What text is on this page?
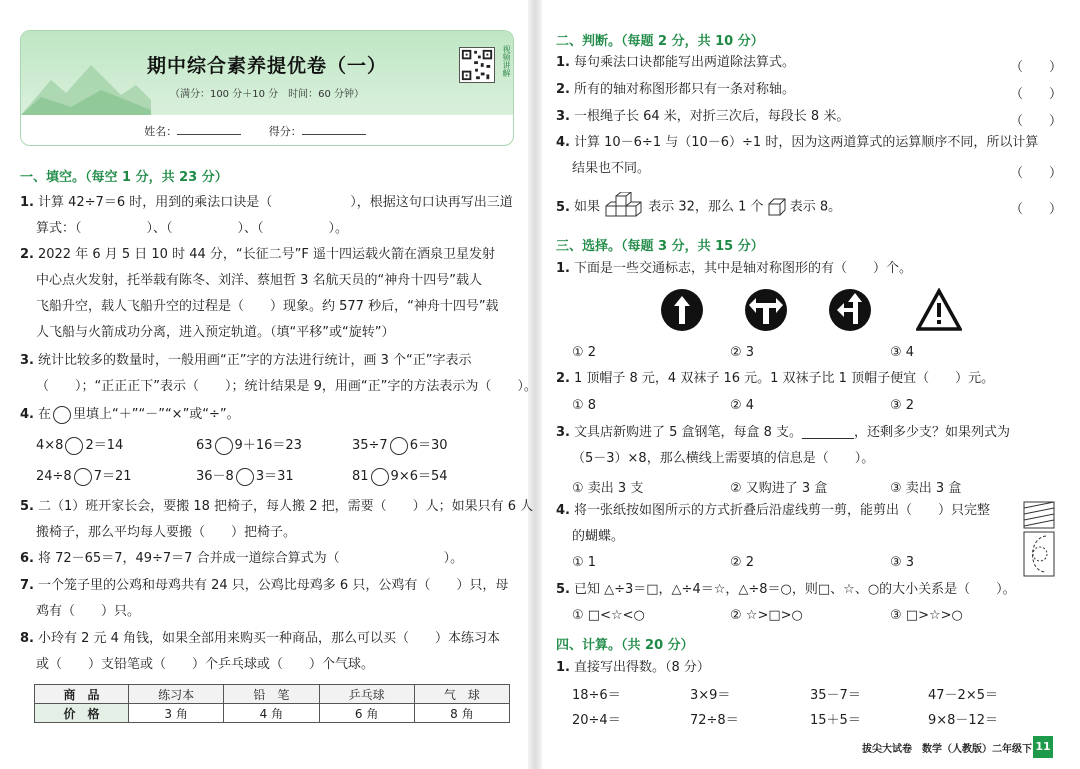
期中综合素养提优卷（一）
（满分：100 分＋10 分　时间：60 分钟）
视频讲解
姓名：	得分：
一、填空。（每空 1 分，共 23 分）
1. 计算 42÷7＝6 时，用到的乘法口诀是（　　　　　　），根据这句口诀再写出三道
算式：（　　　　　）、（　　　　　）、（　　　　　）。
2. 2022 年 6 月 5 日 10 时 44 分，“长征二号”F 遥十四运载火箭在酒泉卫星发射
中心点火发射，托举载有陈冬、刘洋、蔡旭哲 3 名航天员的“神舟十四号”载人
飞船升空，载人飞船升空的过程是（　　）现象。约 577 秒后，“神舟十四号”载
人飞船与火箭成功分离，进入预定轨道。（填“平移”或“旋转”）
3. 统计比较多的数量时，一般用画“正”字的方法进行统计，画 3 个“正”字表示
（　　）；“正正正下”表示（　　）；统计结果是 9，用画“正”字的方法表示为（　　）。
4. 在 里填上“＋”“－”“×”或“÷”。
4×8 2＝14	63 9＋16＝23	35÷7 6＝30
24÷8 7＝21	36－8 3＝31	81 9×6＝54
5. 二（1）班开家长会，要搬 18 把椅子，每人搬 2 把，需要（　　）人；如果只有 6 人
搬椅子，那么平均每人要搬（　　）把椅子。
6. 将 72－65＝7，49÷7＝7 合并成一道综合算式为（　　　　　　　　）。
7. 一个笼子里的公鸡和母鸡共有 24 只，公鸡比母鸡多 6 只，公鸡有（　　）只，母
鸡有（　　）只。
8. 小玲有 2 元 4 角钱，如果全部用来购买一种商品，那么可以买（　　）本练习本
或（　　）支铅笔或（　　）个乒乓球或（　　）个气球。
商　品	练习本	铅　笔	乒乓球	气　球
价　格	3 角	4 角	6 角	8 角
二、判断。（每题 2 分，共 10 分）
1. 每句乘法口诀都能写出两道除法算式。	（　　）
2. 所有的轴对称图形都只有一条对称轴。	（　　）
3. 一根绳子长 64 米，对折三次后，每段长 8 米。	（　　）
4. 计算 10－6÷1 与（10－6）÷1 时，因为这两道算式的运算顺序不同，所以计算
结果也不同。	（　　）
5. 如果	表示 32，那么 1 个 表示 8。	（　　）
三、选择。（每题 3 分，共 15 分）
1. 下面是一些交通标志，其中是轴对称图形的有（　　）个。
① 2	② 3	③ 4
2. 1 顶帽子 8 元，4 双袜子 16 元。1 双袜子比 1 顶帽子便宜（　　）元。
① 8	② 4	③ 2
3. 文具店新购进了 5 盒钢笔，每盒 8 支。________，还剩多少支？如果列式为
（5－3）×8，那么横线上需要填的信息是（　　）。
① 卖出 3 支	② 又购进了 3 盒	③ 卖出 3 盒
4. 将一张纸按如图所示的方式折叠后沿虚线剪一剪，能剪出（　　）只完整
的蝴蝶。
① 1	② 2	③ 3
5. 已知 △÷3＝□，△÷4＝☆，△÷8＝○，则□、☆、○的大小关系是（　　）。
① □<☆<○	② ☆>□>○	③ □>☆>○
四、计算。（共 20 分）
1. 直接写出得数。（8 分）
18÷6＝	3×9＝	35－7＝	47－2×5＝
20÷4＝	72÷8＝	15＋5＝	9×8－12＝
拔尖大试卷　数学（人教版）二年级下 11
